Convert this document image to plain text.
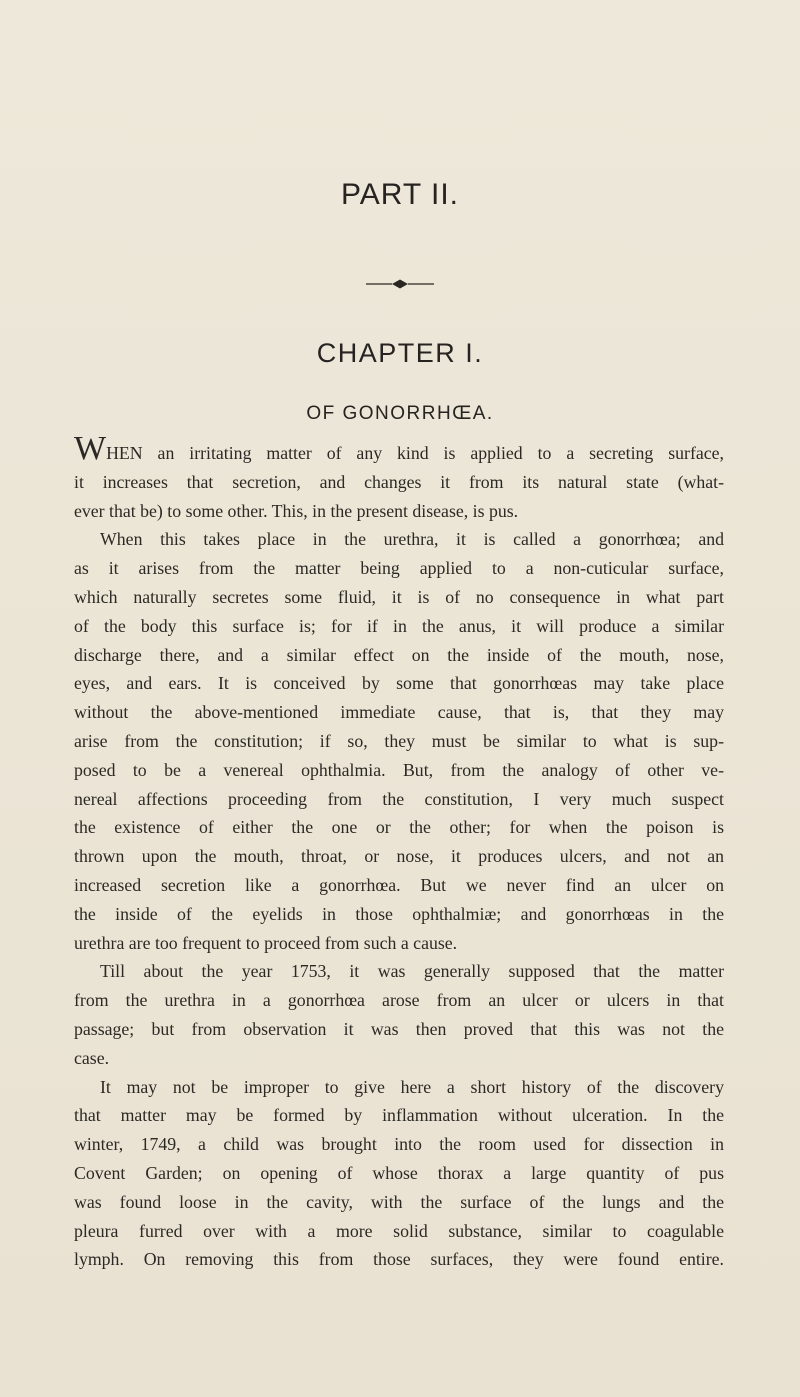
PART II.
CHAPTER I.
OF GONORRHŒA.
WHEN an irritating matter of any kind is applied to a secreting surface,
it increases that secretion, and changes it from its natural state (what-
ever that be) to some other. This, in the present disease, is pus.
When this takes place in the urethra, it is called a gonorrhœa; and
as it arises from the matter being applied to a non-cuticular surface,
which naturally secretes some fluid, it is of no consequence in what part
of the body this surface is; for if in the anus, it will produce a similar
discharge there, and a similar effect on the inside of the mouth, nose,
eyes, and ears. It is conceived by some that gonorrhœas may take place
without the above-mentioned immediate cause, that is, that they may
arise from the constitution; if so, they must be similar to what is sup-
posed to be a venereal ophthalmia. But, from the analogy of other ve-
nereal affections proceeding from the constitution, I very much suspect
the existence of either the one or the other; for when the poison is
thrown upon the mouth, throat, or nose, it produces ulcers, and not an
increased secretion like a gonorrhœa. But we never find an ulcer on
the inside of the eyelids in those ophthalmiæ; and gonorrhœas in the
urethra are too frequent to proceed from such a cause.
Till about the year 1753, it was generally supposed that the matter
from the urethra in a gonorrhœa arose from an ulcer or ulcers in that
passage; but from observation it was then proved that this was not the
case.
It may not be improper to give here a short history of the discovery
that matter may be formed by inflammation without ulceration. In the
winter, 1749, a child was brought into the room used for dissection in
Covent Garden; on opening of whose thorax a large quantity of pus
was found loose in the cavity, with the surface of the lungs and the
pleura furred over with a more solid substance, similar to coagulable
lymph. On removing this from those surfaces, they were found entire.
